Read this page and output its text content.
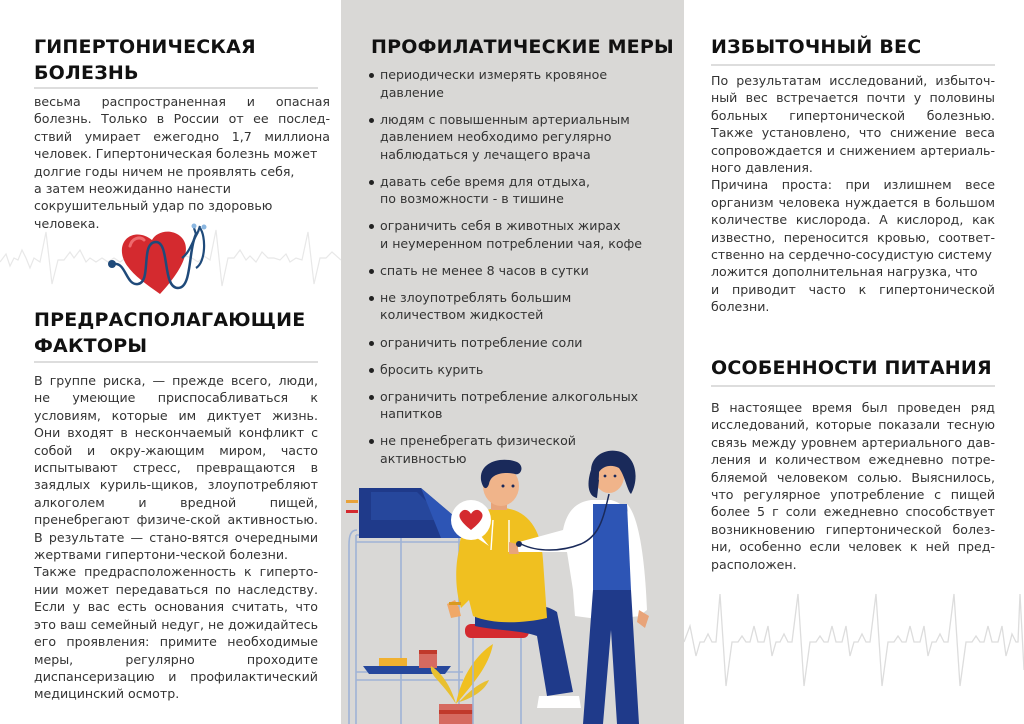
ГИПЕРТОНИЧЕСКАЯ
БОЛЕЗНЬ

весьма распространенная и опасная болезнь. Только в России от ее послед-ствий умирает ежегодно 1,7 миллиона человек. Гипертоническая болезнь может

долгие годы ничем не проявлять себя,

а затем неожиданно нанести

сокрушительный удар по здоровью

человека.

ПРЕДРАСПОЛАГАЮЩИЕ
ФАКТОРЫ

В группе риска, — прежде всего, люди, не умеющие приспосабливаться к условиям, которые им диктует жизнь. Они входят в нескончаемый конфликт с собой и окру-жающим миром, часто испытывают стресс, превращаются в заядлых куриль-щиков, злоупотребляют алкоголем и вредной пищей, пренебрегают физиче-ской активностью. В результате — стано-вятся очередными жертвами гипертони-ческой болезни.

Также предрасположенность к гиперто-нии может передаваться по наследству. Если у вас есть основания считать, что это ваш семейный недуг, не дожидайтесь его проявления: примите необходимые меры, регулярно проходите диспансеризацию и профилактический медицинский осмотр.

ПРОФИЛАТИЧЕСКИЕ МЕРЫ
периодически измерять кровяное
давление
людям с повышенным артериальным
давлением необходимо регулярно
наблюдаться у лечащего врача
давать себе время для отдыха,
по возможности - в тишине
ограничить себя в животных жирах
и неумеренном потреблении чая, кофе
спать не менее 8 часов в сутки
не злоупотреблять большим
количеством жидкостей
ограничить потребление соли
бросить курить
ограничить потребление алкогольных
напитков
не пренебрегать физической
активностью
ИЗБЫТОЧНЫЙ ВЕС

По результатам исследований, избыточ-ный вес встречается почти у половины больных гипертонической болезнью. Также установлено, что снижение веса сопровождается и снижением артериаль-ного давления.

Причина проста: при излишнем весе организм человека нуждается в большом количестве кислорода. А кислород, как известно, переносится кровью, соответ-ственно на сердечно-сосудистую систему

ложится дополнительная нагрузка, что

и приводит часто к гипертонической болезни.

ОСОБЕННОСТИ ПИТАНИЯ

В настоящее время был проведен ряд исследований, которые показали тесную связь между уровнем артериального дав-ления и количеством ежедневно потре-бляемой человеком солью. Выяснилось, что регулярное употребление с пищей более 5 г соли ежедневно способствует возникновению гипертонической болез-ни, особенно если человек к ней пред-расположен.
